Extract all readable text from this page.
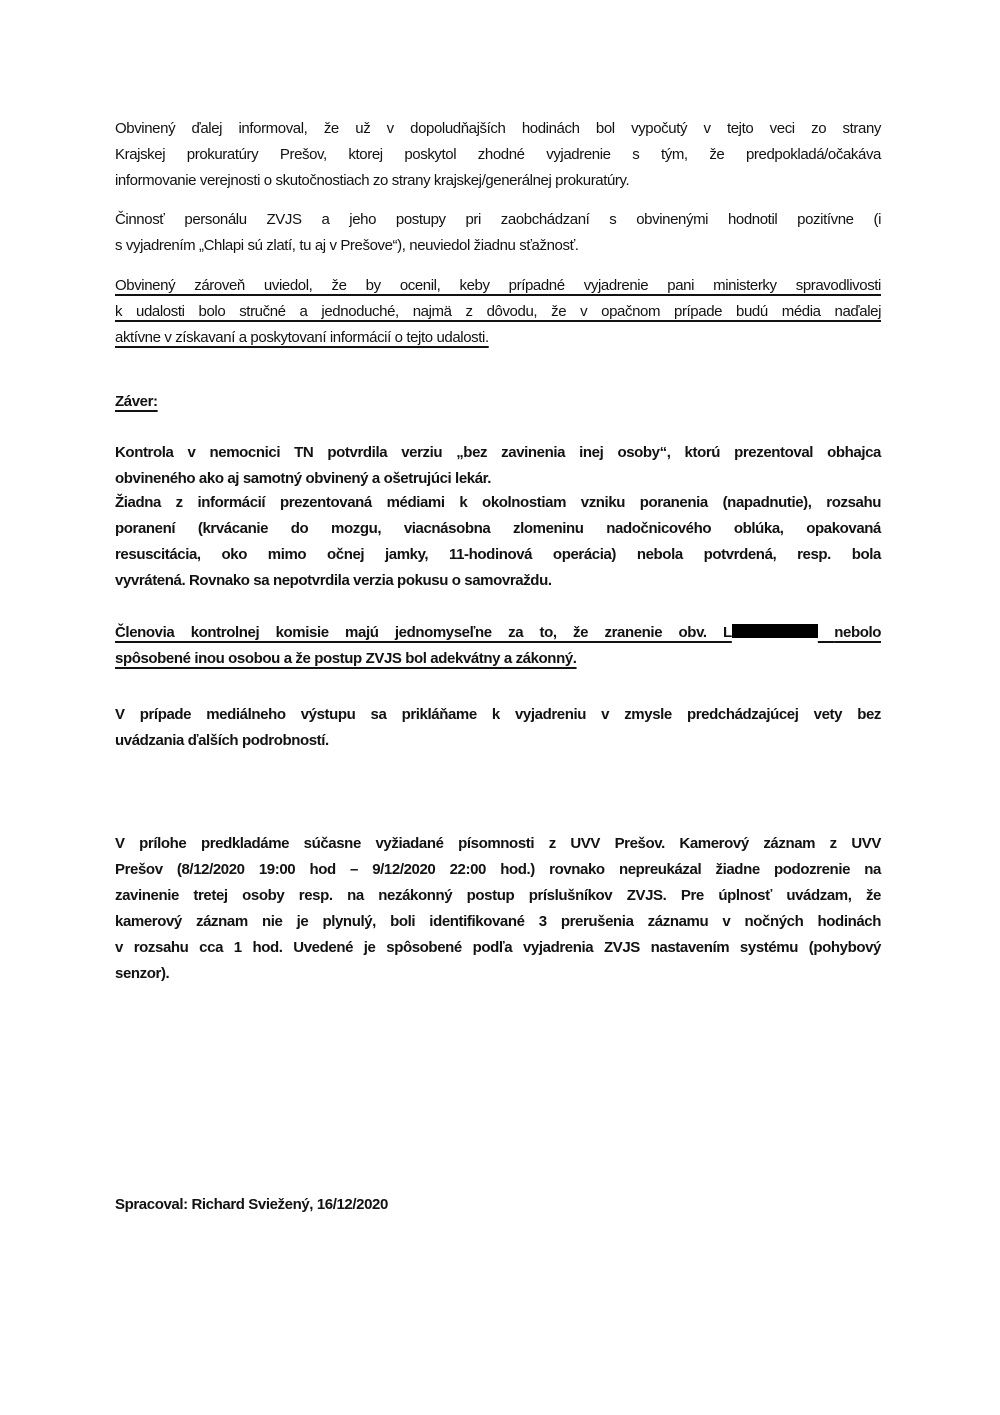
Obvinený ďalej informoval, že už v dopoludňajších hodinách bol vypočutý v tejto veci zo strany
Krajskej prokuratúry Prešov, ktorej poskytol zhodné vyjadrenie s tým, že predpokladá/očakáva
informovanie verejnosti o skutočnostiach zo strany krajskej/generálnej prokuratúry.
Činnosť personálu ZVJS a jeho postupy pri zaobchádzaní s obvinenými hodnotil pozitívne (i
s vyjadrením „Chlapi sú zlatí, tu aj v Prešove“), neuviedol žiadnu sťažnosť.
Obvinený zároveň uviedol, že by ocenil, keby prípadné vyjadrenie pani ministerky spravodlivosti
k udalosti bolo stručné a jednoduché, najmä z dôvodu, že v opačnom prípade budú média naďalej
aktívne v získavaní a poskytovaní informácií o tejto udalosti.
Záver:
Kontrola v nemocnici TN potvrdila verziu „bez zavinenia inej osoby“, ktorú prezentoval obhajca
obvineného ako aj samotný obvinený a ošetrujúci lekár.
Žiadna z informácií prezentovaná médiami k okolnostiam vzniku poranenia (napadnutie), rozsahu
poranení (krvácanie do mozgu, viacnásobna zlomeninu nadočnicového oblúka, opakovaná
resuscitácia, oko mimo očnej jamky, 11-hodinová operácia) nebola potvrdená, resp. bola
vyvrátená. Rovnako sa nepotvrdila verzia pokusu o samovraždu.
Členovia kontrolnej komisie majú jednomyseľne za to, že zranenie obv. L	nebolo
spôsobené inou osobou a že postup ZVJS bol adekvátny a zákonný.
V prípade mediálneho výstupu sa prikláňame k vyjadreniu v zmysle predchádzajúcej vety bez
uvádzania ďalších podrobností.
V prílohe predkladáme súčasne vyžiadané písomnosti z UVV Prešov. Kamerový záznam z UVV
Prešov (8/12/2020 19:00 hod – 9/12/2020 22:00 hod.) rovnako nepreukázal žiadne podozrenie na
zavinenie tretej osoby resp. na nezákonný postup príslušníkov ZVJS. Pre úplnosť uvádzam, že
kamerový záznam nie je plynulý, boli identifikované 3 prerušenia záznamu v nočných hodinách
v rozsahu cca 1 hod. Uvedené je spôsobené podľa vyjadrenia ZVJS nastavením systému (pohybový
senzor).
Spracoval: Richard Sviežený, 16/12/2020
